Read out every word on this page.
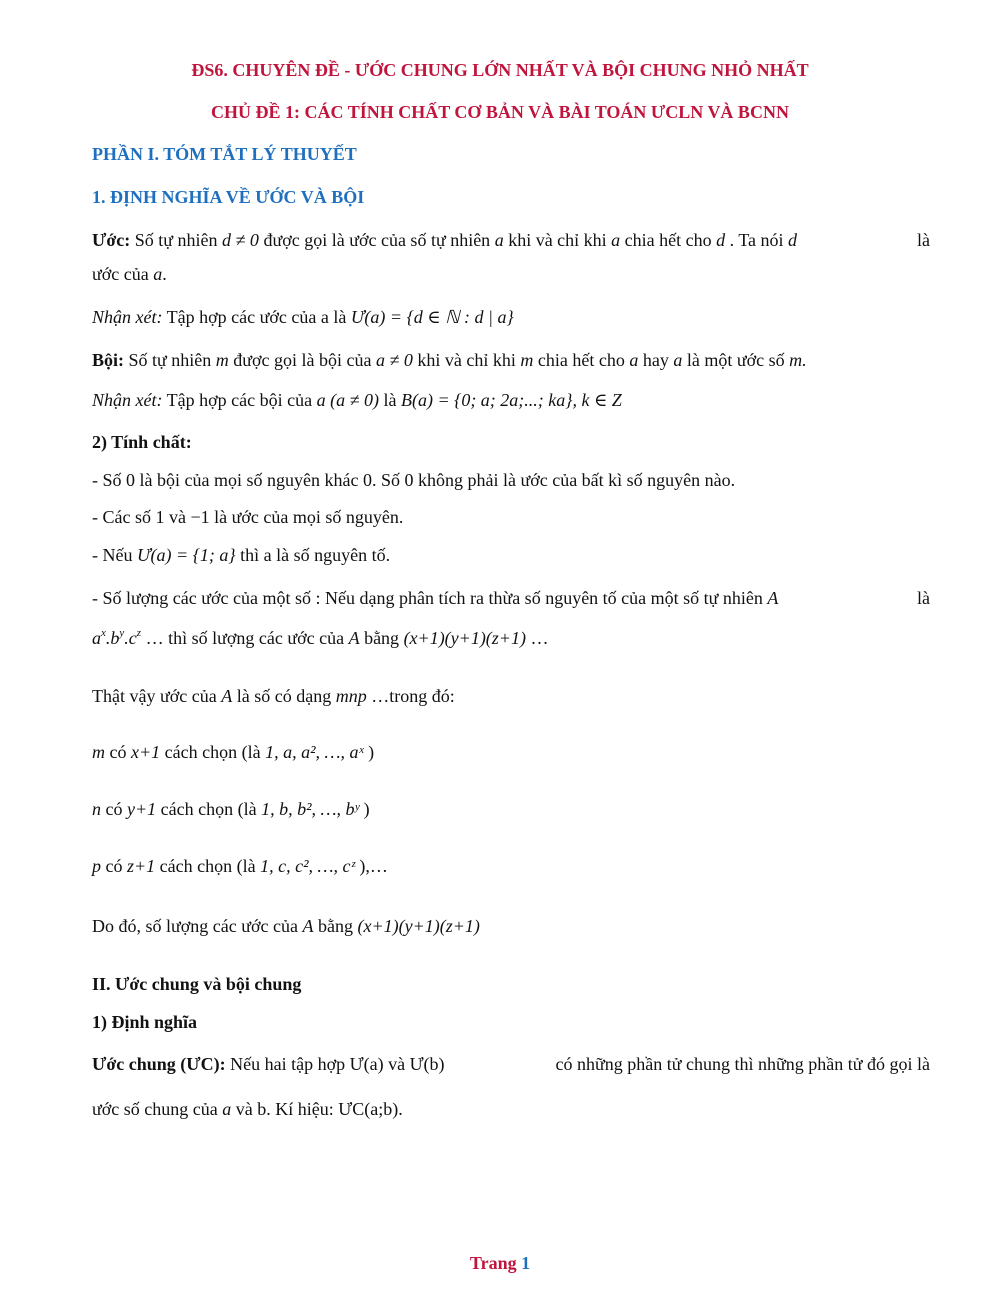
ĐS6. CHUYÊN ĐỀ - ƯỚC CHUNG LỚN NHẤT VÀ BỘI CHUNG NHỎ NHẤT
CHỦ ĐỀ 1: CÁC TÍNH CHẤT CƠ BẢN VÀ BÀI TOÁN ƯCLN VÀ BCNN
PHẦN I. TÓM TẮT LÝ THUYẾT
1. ĐỊNH NGHĨA VỀ ƯỚC VÀ BỘI
Ước: Số tự nhiên d ≠ 0 được gọi là ước của số tự nhiên a khi và chỉ khi a chia hết cho d . Ta nói d	là
ước của a.
Nhận xét: Tập hợp các ước của a là Ư(a) = {d ∈ ℕ : d | a}
Bội: Số tự nhiên m được gọi là bội của a ≠ 0 khi và chỉ khi m chia hết cho a hay a là một ước số m.
Nhận xét: Tập hợp các bội của a (a ≠ 0) là B(a) = {0; a; 2a;...; ka}, k ∈ Z
2) Tính chất:
- Số 0 là bội của mọi số nguyên khác 0. Số 0 không phải là ước của bất kì số nguyên nào.
- Các số 1 và −1 là ước của mọi số nguyên.
- Nếu Ư(a) = {1; a} thì a là số nguyên tố.
- Số lượng các ước của một số : Nếu dạng phân tích ra thừa số nguyên tố của một số tự nhiên A	là
$a^x.b^y.c^z$ … thì số lượng các ước của A bằng (x+1)(y+1)(z+1) …
Thật vậy ước của A là số có dạng mnp …trong đó:
m có x+1 cách chọn (là 1, a, a², …, aˣ )
n có y+1 cách chọn (là 1, b, b², …, bʸ )
p có z+1 cách chọn (là 1, c, c², …, cᶻ ),…
Do đó, số lượng các ước của A bằng (x+1)(y+1)(z+1)
II. Ước chung và bội chung
1) Định nghĩa
Ước chung (ƯC): Nếu hai tập hợp Ư(a) và Ư(b)	có những phần tử chung thì những phần tử đó gọi là
ước số chung của a và b. Kí hiệu: ƯC(a;b).
Trang 1
